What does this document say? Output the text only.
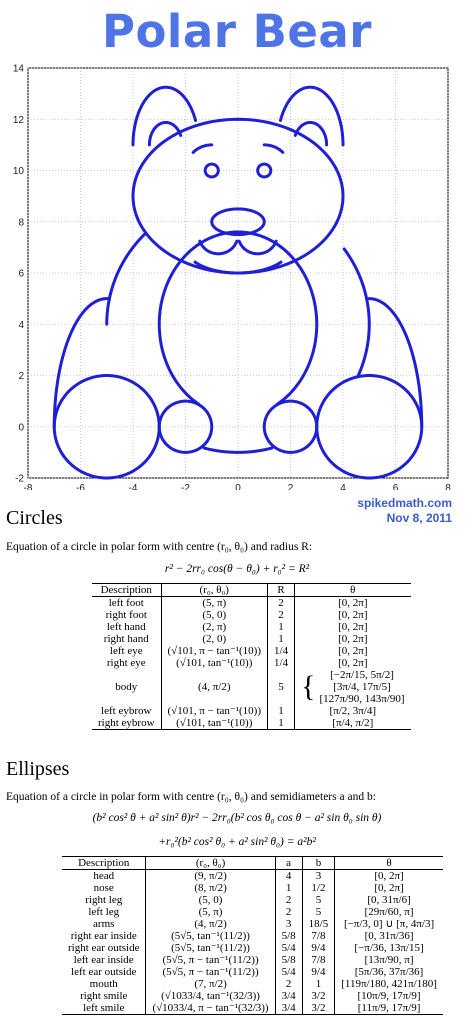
Polar Bear
-8	-6	-4	-2	0	2	4	6	8
-2
0
2
4
6
8
10
12
14
spikedmath.com
Nov 8, 2011
Circles
Equation of a circle in polar form with centre (r₀, θ₀) and radius R:
r² − 2rr₀ cos(θ − θ₀) + r₀² = R²
Description	(r₀, θ₀)	R	θ
left foot	(5, π)	2	[0, 2π]
right foot	(5, 0)	2	[0, 2π]
left hand	(2, π)	1	[0, 2π]
right hand	(2, 0)	1	[0, 2π]
left eye	(√101, π − tan⁻¹(10))	1/4	[0, 2π]
right eye	(√101, tan⁻¹(10))	1/4	[0, 2π]
body	(4, π/2)	5	{ [−2π/15, 5π/2]
[3π/4, 17π/5]
[127π/90, 143π/90]

left eybrow	(√101, π − tan⁻¹(10))	1	[π/2, 3π/4]
right eybrow	(√101, tan⁻¹(10))	1	[π/4, π/2]
Ellipses
Equation of a circle in polar form with centre (r₀, θ₀) and semidiameters a and b:
(b² cos² θ + a² sin² θ)r² − 2rr₀(b² cos θ₀ cos θ − a² sin θ₀ sin θ)
+r₀²(b² cos² θ₀ + a² sin² θ₀) = a²b²
Description	(r₀, θ₀)	a	b	θ
head	(9, π/2)	4	3	[0, 2π]
nose	(8, π/2)	1	1/2	[0, 2π]
right leg	(5, 0)	2	5	[0, 31π/6]
left leg	(5, π)	2	5	[29π/60, π]
arms	(4, π/2)	3	18/5	[−π/3, 0] ∪ [π, 4π/3]
right ear inside	(5√5, tan⁻¹(11/2))	5/8	7/8	[0, 31π/36]
right ear outside	(5√5, tan⁻¹(11/2))	5/4	9/4	[−π/36, 13π/15]
left ear inside	(5√5, π − tan⁻¹(11/2))	5/8	7/8	[13π/90, π]
left ear outside	(5√5, π − tan⁻¹(11/2))	5/4	9/4	[5π/36, 37π/36]
mouth	(7, π/2)	2	1	[119π/180, 421π/180]
right smile	(√1033/4, tan⁻¹(32/3))	3/4	3/2	[10π/9, 17π/9]
left smile	(√1033/4, π − tan⁻¹(32/3))	3/4	3/2	[11π/9, 17π/9]
